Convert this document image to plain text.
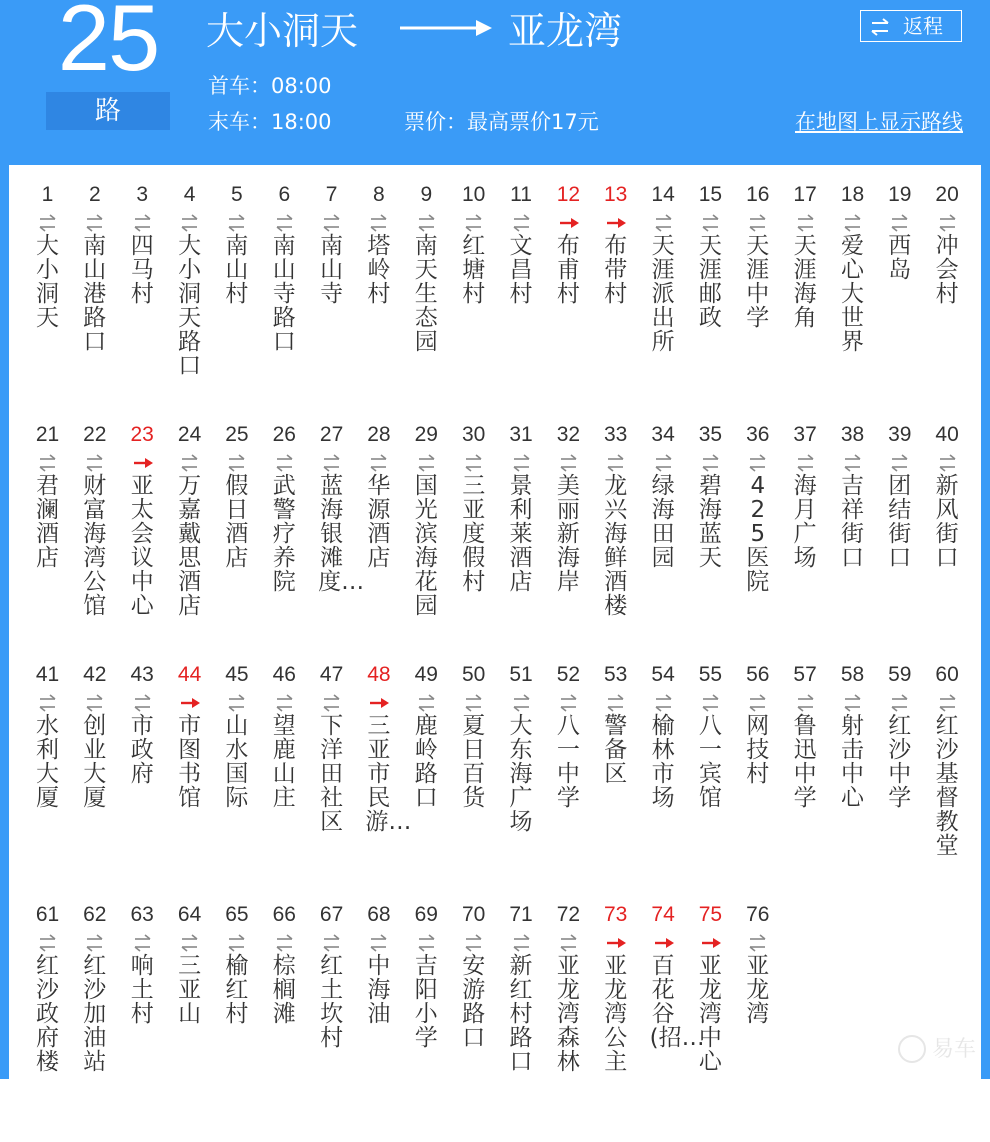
25
路
大小洞天	亚龙湾
首车：08:00
末车：18:00	票价：最高票价17元	在地图上显示路线
返程
1
大小洞天
2
南山港路口
3
四马村
4
大小洞天路口
5
南山村
6
南山寺路口
7
南山寺
8
塔岭村
9
南天生态园
10
红塘村
11
文昌村
12
布甫村
13
布带村
14
天涯派出所
15
天涯邮政
16
天涯中学
17
天涯海角
18
爱心大世界
19
西岛
20
冲会村
21
君澜酒店
22
财富海湾公馆
23
亚太会议中心
24
万嘉戴思酒店
25
假日酒店
26
武警疗养院
27
蓝海银滩度…
28
华源酒店
29
国光滨海花园
30
三亚度假村
31
景利莱酒店
32
美丽新海岸
33
龙兴海鲜酒楼
34
绿海田园
35
碧海蓝天
36
425医院
37
海月广场
38
吉祥街口
39
团结街口
40
新风街口
41
水利大厦
42
创业大厦
43
市政府
44
市图书馆
45
山水国际
46
望鹿山庄
47
下洋田社区
48
三亚市民游…
49
鹿岭路口
50
夏日百货
51
大东海广场
52
八一中学
53
警备区
54
榆林市场
55
八一宾馆
56
网技村
57
鲁迅中学
58
射击中心
59
红沙中学
60
红沙基督教堂
61
红沙政府楼
62
红沙加油站
63
响土村
64
三亚山
65
榆红村
66
棕榈滩
67
红土坎村
68
中海油
69
吉阳小学
70
安游路口
71
新红村路口
72
亚龙湾森林
73
亚龙湾公主
74
百花谷(招…
75
亚龙湾中心
76
亚龙湾
易车
